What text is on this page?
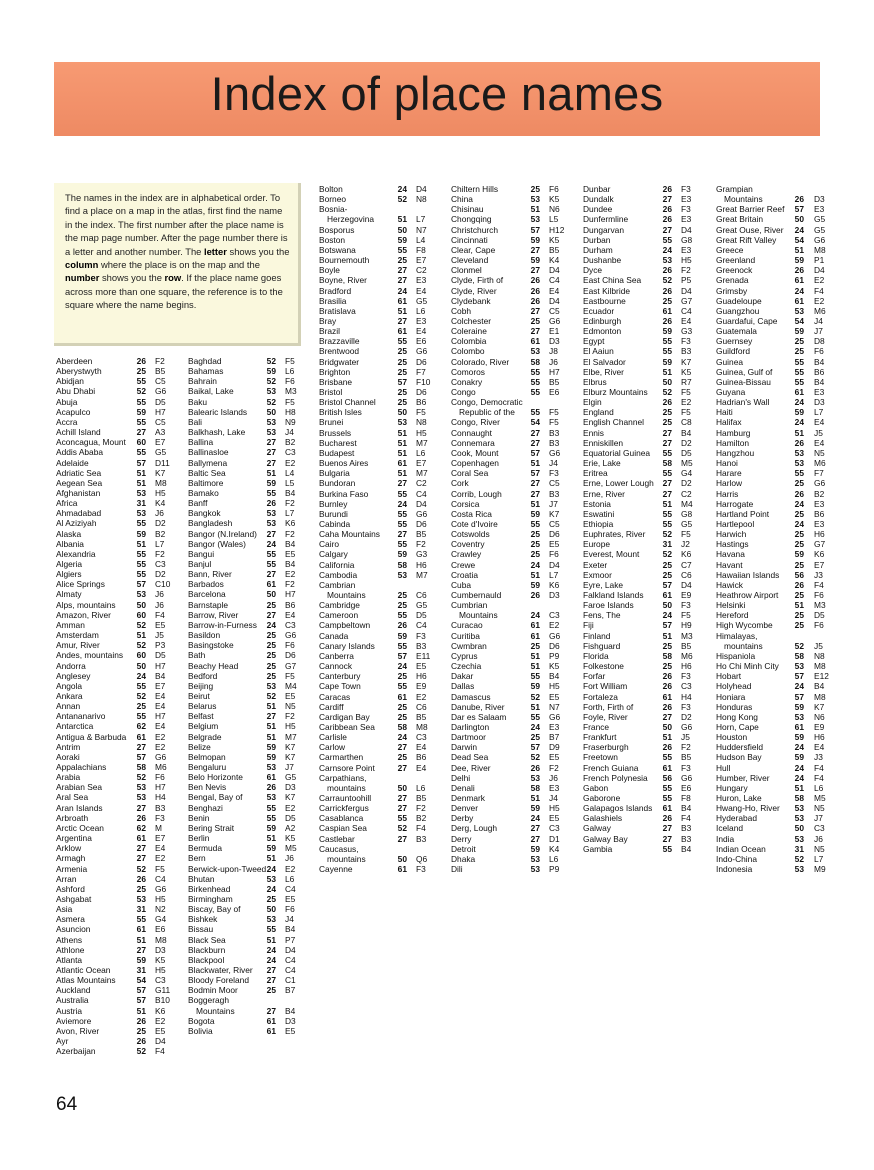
Index of place names
The names in the index are in alphabetical order. To find a place on a map in the atlas, first find the name in the index. The first number after the place name is the map page number. After the page number there is a letter and another number. The letter shows you the column where the place is on the map and the number shows you the row. If the place name goes across more than one square, the reference is to the square where the name begins.
Aberdeen	26 F2
Aberystwyth	25 B5
Abidjan	55 C5
Abu Dhabi	52 G6
Abuja	55 D5
Acapulco	59 H7
Accra	55 C5
Achill Island	27 A3
Aconcagua, Mount	60 E7
Addis Ababa	55 G5
Adelaide	57 D11
Adriatic Sea	51 K7
Aegean Sea	51 M8
Afghanistan	53 H5
Africa	31 K4
Ahmadabad	53 J6
Al Aziziyah	55 D2
Alaska	59 B2
Albania	51 L7
Alexandria	55 F2
Algeria	55 C3
Algiers	55 D2
Alice Springs	57 C10
Almaty	53 J6
Alps, mountains	50 J6
Amazon, River	60 F4
Amman	52 E5
Amsterdam	51 J5
Amur, River	52 P3
Andes, mountains	60 D5
Andorra	50 H7
Anglesey	24 B4
Angola	55 E7
Ankara	52 E4
Annan	25 E4
Antananarivo	55 H7
Antarctica	62 E4
Antigua & Barbuda	61 E2
Antrim	27 E2
Aoraki	57 G6
Appalachians	58 M6
Arabia	52 F6
Arabian Sea	53 H7
Aral Sea	53 H4
Aran Islands	27 B3
Arbroath	26 F3
Arctic Ocean	62 M
Argentina	61 E7
Arklow	27 E4
Armagh	27 E2
Armenia	52 F5
Arran	26 C4
Ashford	25 G6
Ashgabat	53 H5
Asia	31 N2
Asmera	55 G4
Asuncion	61 E6
Athens	51 M8
Athlone	27 D3
Atlanta	59 K5
Atlantic Ocean	31 H5
Atlas Mountains	54 C3
Auckland	57 G11
Australia	57 B10
Austria	51 K6
Aviemore	26 E2
Avon, River	25 E5
Ayr	26 D4
Azerbaijan	52 F4
Baghdad	52 F5
Bahamas	59 L6
Bahrain	52 F6
Baikal, Lake	53 M3
Baku	52 F5
Balearic Islands	50 H8
Bali	53 N9
Balkhash, Lake	53 J4
Ballina	27 B2
Ballinasloe	27 C3
Ballymena	27 E2
Baltic Sea	51 L4
Baltimore	59 L5
Bamako	55 B4
Banff	26 F2
Bangkok	53 L7
Bangladesh	53 K6
Bangor (N.Ireland)	27 F2
Bangor (Wales)	24 B4
Bangui	55 E5
Banjul	55 B4
Bann, River	27 E2
Barbados	61 F2
Barcelona	50 H7
Barnstaple	25 B6
Barrow, River	27 E4
Barrow-in-Furness	24 C3
Basildon	25 G6
Basingstoke	25 F6
Bath	25 D6
Beachy Head	25 G7
Bedford	25 F5
Beijing	53 M4
Beirut	52 E5
Belarus	51 N5
Belfast	27 F2
Belgium	51 H5
Belgrade	51 M7
Belize	59 K7
Belmopan	59 K7
Bengaluru	53 J7
Belo Horizonte	61 G5
Ben Nevis	26 D3
Bengal, Bay of	53 K7
Benghazi	55 E2
Benin	55 D5
Bering Strait	59 A2
Berlin	51 K5
Bermuda	59 M5
Bern	51 J6
Berwick-upon-Tweed 24 E2
Bhutan	53 L6
Birkenhead	24 C4
Birmingham	25 E5
Biscay, Bay of	50 F6
Bishkek	53 J4
Bissau	55 B4
Black Sea	51 P7
Blackburn	24 D4
Blackpool	24 C4
Blackwater, River	27 C4
Bloody Foreland	27 C1
Bodmin Moor	25 B7
Boggeragh
Mountains	27 B4
Bogota	61 D3
Bolivia	61 E5
Bolton	24 D4
Borneo	52 N8
Bosnia-
Herzegovina	51 L7
Bosporus	50 N7
Boston	59 L4
Botswana	55 F8
Bournemouth	25 E7
Boyle	27 C2
Boyne, River	27 E3
Bradford	24 E4
Brasilia	61 G5
Bratislava	51 L6
Bray	27 E3
Brazil	61 E4
Brazzaville	55 E6
Brentwood	25 G6
Bridgwater	25 D6
Brighton	25 F7
Brisbane	57 F10
Bristol	25 D6
Bristol Channel	25 B6
British Isles	50 F5
Brunei	53 N8
Brussels	51 H5
Bucharest	51 M7
Budapest	51 L6
Buenos Aires	61 E7
Bulgaria	51 M7
Bundoran	27 C2
Burkina Faso	55 C4
Burnley	24 D4
Burundi	55 G6
Cabinda	55 D6
Caha Mountains	27 B5
Cairo	55 F2
Calgary	59 G3
California	58 H6
Cambodia	53 M7
Cambrian
Mountains	25 C6
Cambridge	25 G5
Cameroon	55 D5
Campbeltown	26 C4
Canada	59 F3
Canary Islands	55 B3
Canberra	57 E11
Cannock	24 E5
Canterbury	25 H6
Cape Town	55 E9
Caracas	61 E2
Cardiff	25 C6
Cardigan Bay	25 B5
Caribbean Sea	58 M8
Carlisle	24 C3
Carlow	27 E4
Carmarthen	25 B6
Carnsore Point	27 E4
Carpathians,
mountains	50 L6
Carrauntoohill	27 B5
Carrickfergus	27 F2
Casablanca	55 B2
Caspian Sea	52 F4
Castlebar	27 B3
Caucasus,
mountains	50 Q6
Cayenne	61 F3
Chiltern Hills	25 F6
China	53 K5
Chisinau	51 N6
Chongqing	53 L5
Christchurch	57 H12
Cincinnati	59 K5
Clear, Cape	27 B5
Cleveland	59 K4
Clonmel	27 D4
Clyde, Firth of	26 C4
Clyde, River	26 E4
Clydebank	26 D4
Cobh	27 C5
Colchester	25 G6
Coleraine	27 E1
Colombia	61 D3
Colombo	53 J8
Colorado, River	58 J6
Comoros	55 H7
Conakry	55 B5
Congo	55 E6
Congo, Democratic
Republic of the	55 F5
Congo, River	54 F5
Connaught	27 B3
Connemara	27 B3
Cook, Mount	57 G6
Copenhagen	51 J4
Coral Sea	57 F3
Cork	27 C5
Corrib, Lough	27 B3
Corsica	51 J7
Costa Rica	59 K7
Cote d'Ivoire	55 C5
Cotswolds	25 D6
Coventry	25 E5
Crawley	25 F6
Crewe	24 D4
Croatia	51 L7
Cuba	59 K6
Cumbernauld	26 D3
Cumbrian
Mountains	24 C3
Curacao	61 E2
Curitiba	61 G6
Cwmbran	25 D6
Cyprus	51 P9
Czechia	51 K5
Dakar	55 B4
Dallas	59 H5
Damascus	52 E5
Danube, River	51 N7
Dar es Salaam	55 G6
Darlington	24 E3
Dartmoor	25 B7
Darwin	57 D9
Dead Sea	52 E5
Dee, River	26 F2
Delhi	53 J6
Denali	58 E3
Denmark	51 J4
Denver	59 H5
Derby	24 E5
Derg, Lough	27 C3
Derry	27 D1
Detroit	59 K4
Dhaka	53 L6
Dili	53 P9
Dunbar	26 F3
Dundalk	27 E3
Dundee	26 F3
Dunfermline	26 E3
Dungarvan	27 D4
Durban	55 G8
Durham	24 E3
Dushanbe	53 H5
Dyce	26 F2
East China Sea	52 P5
East Kilbride	26 D4
Eastbourne	25 G7
Ecuador	61 C4
Edinburgh	26 E4
Edmonton	59 G3
Egypt	55 F3
El Aaiun	55 B3
El Salvador	59 K7
Elbe, River	51 K5
Elbrus	50 R7
Elburz Mountains	52 F5
Elgin	26 E2
England	25 F5
English Channel	25 C8
Ennis	27 B4
Enniskillen	27 D2
Equatorial Guinea	55 D5
Erie, Lake	58 M5
Eritrea	55 G4
Erne, Lower Lough	27 D2
Erne, River	27 C2
Estonia	51 M4
Eswatini	55 G8
Ethiopia	55 G5
Euphrates, River	52 F5
Europe	31 J2
Everest, Mount	52 K6
Exeter	25 C7
Exmoor	25 C6
Eyre, Lake	57 D4
Falkland Islands	61 E9
Faroe Islands	50 F3
Fens, The	24 F5
Fiji	57 H9
Finland	51 M3
Fishguard	25 B5
Florida	58 M6
Folkestone	25 H6
Forfar	26 F3
Fort William	26 C3
Fortaleza	61 H4
Forth, Firth of	26 F3
Foyle, River	27 D2
France	50 G6
Frankfurt	51 J5
Fraserburgh	26 F2
Freetown	55 B5
French Guiana	61 F3
French Polynesia	56 G6
Gabon	55 E6
Gaborone	55 F8
Galapagos Islands	61 B4
Galashiels	26 F4
Galway	27 B3
Galway Bay	27 B3
Gambia	55 B4
Grampian
Mountains	26 D3
Great Barrier Reef	57 E3
Great Britain	50 G5
Great Ouse, River	24 G5
Great Rift Valley	54 G6
Greece	51 M8
Greenland	59 P1
Greenock	26 D4
Grenada	61 E2
Grimsby	24 F4
Guadeloupe	61 E2
Guangzhou	53 M6
Guardafui, Cape	54 J4
Guatemala	59 J7
Guernsey	25 D8
Guildford	25 F6
Guinea	55 B4
Guinea, Gulf of	55 B6
Guinea-Bissau	55 B4
Guyana	61 E3
Hadrian's Wall	24 D3
Haiti	59 L7
Halifax	24 E4
Hamburg	51 J5
Hamilton	26 E4
Hangzhou	53 N5
Hanoi	53 M6
Harare	55 F7
Harlow	25 G6
Harris	26 B2
Harrogate	24 E3
Hartland Point	25 B6
Hartlepool	24 E3
Harwich	25 H6
Hastings	25 G7
Havana	59 K6
Havant	25 E7
Hawaiian Islands	56 J3
Hawick	26 F4
Heathrow Airport	25 F6
Helsinki	51 M3
Hereford	25 D5
High Wycombe	25 F6
Himalayas,
mountains	52 J5
Hispaniola	58 N8
Ho Chi Minh City	53 M8
Hobart	57 E12
Holyhead	24 B4
Honiara	57 M8
Honduras	59 K7
Hong Kong	53 N6
Horn, Cape	61 E9
Houston	59 H6
Huddersfield	24 E4
Hudson Bay	59 J3
Hull	24 F4
Humber, River	24 F4
Hungary	51 L6
Huron, Lake	58 M5
Hwang-Ho, River	53 N5
Hyderabad	53 J7
Iceland	50 C3
India	53 J6
Indian Ocean	31 N5
Indo-China	52 L7
Indonesia	53 M9
64
